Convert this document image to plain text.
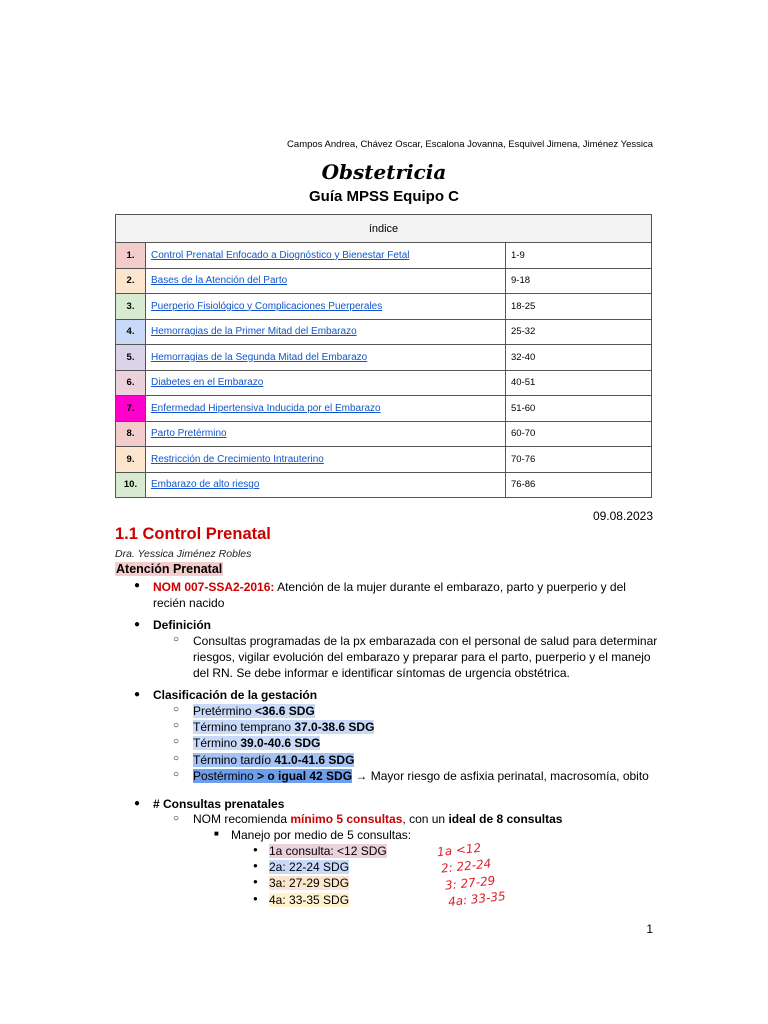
Campos Andrea, Chávez Oscar, Escalona Jovanna, Esquivel Jimena, Jiménez Yessica
Obstetricia
Guía MPSS Equipo C
índice		
1.	Control Prenatal Enfocado a Diognóstico y Bienestar Fetal	1-9
2.	Bases de la Atención del Parto	9-18
3.	Puerperio Fisiológico y Complicaciones Puerperales	18-25
4.	Hemorragias de la Primer Mitad del Embarazo	25-32
5.	Hemorragias de la Segunda Mitad del Embarazo	32-40
6.	Diabetes en el Embarazo	40-51
7.	Enfermedad Hipertensiva Inducida por el Embarazo	51-60
8.	Parto Pretérmino	60-70
9.	Restricción de Crecimiento Intrauterino	70-76
10.	Embarazo de alto riesgo	76-86
09.08.2023
1.1 Control Prenatal
Dra. Yessica Jiménez Robles
Atención Prenatal
● NOM 007-SSA2-2016: Atención de la mujer durante el embarazo, parto y puerperio y del
recién nacido
● Definición
○ Consultas programadas de la px embarazada con el personal de salud para determinar
riesgos, vigilar evolución del embarazo y preparar para el parto, puerperio y el manejo
del RN. Se debe informar e identificar síntomas de urgencia obstétrica.
● Clasificación de la gestación
○ Pretérmino <36.6 SDG
○ Término temprano 37.0-38.6 SDG
○ Término 39.0-40.6 SDG
○ Término tardío 41.0-41.6 SDG
○ Postérmino > o igual 42 SDG → Mayor riesgo de asfixia perinatal, macrosomía, obito
● # Consultas prenatales
○ NOM recomienda mínimo 5 consultas, con un ideal de 8 consultas
■ Manejo por medio de 5 consultas:
● 1a consulta: <12 SDG
● 2a: 22-24 SDG
● 3a: 27-29 SDG
● 4a: 33-35 SDG
1a <12
2: 22-24
3: 27-29
4a: 33-35
1
